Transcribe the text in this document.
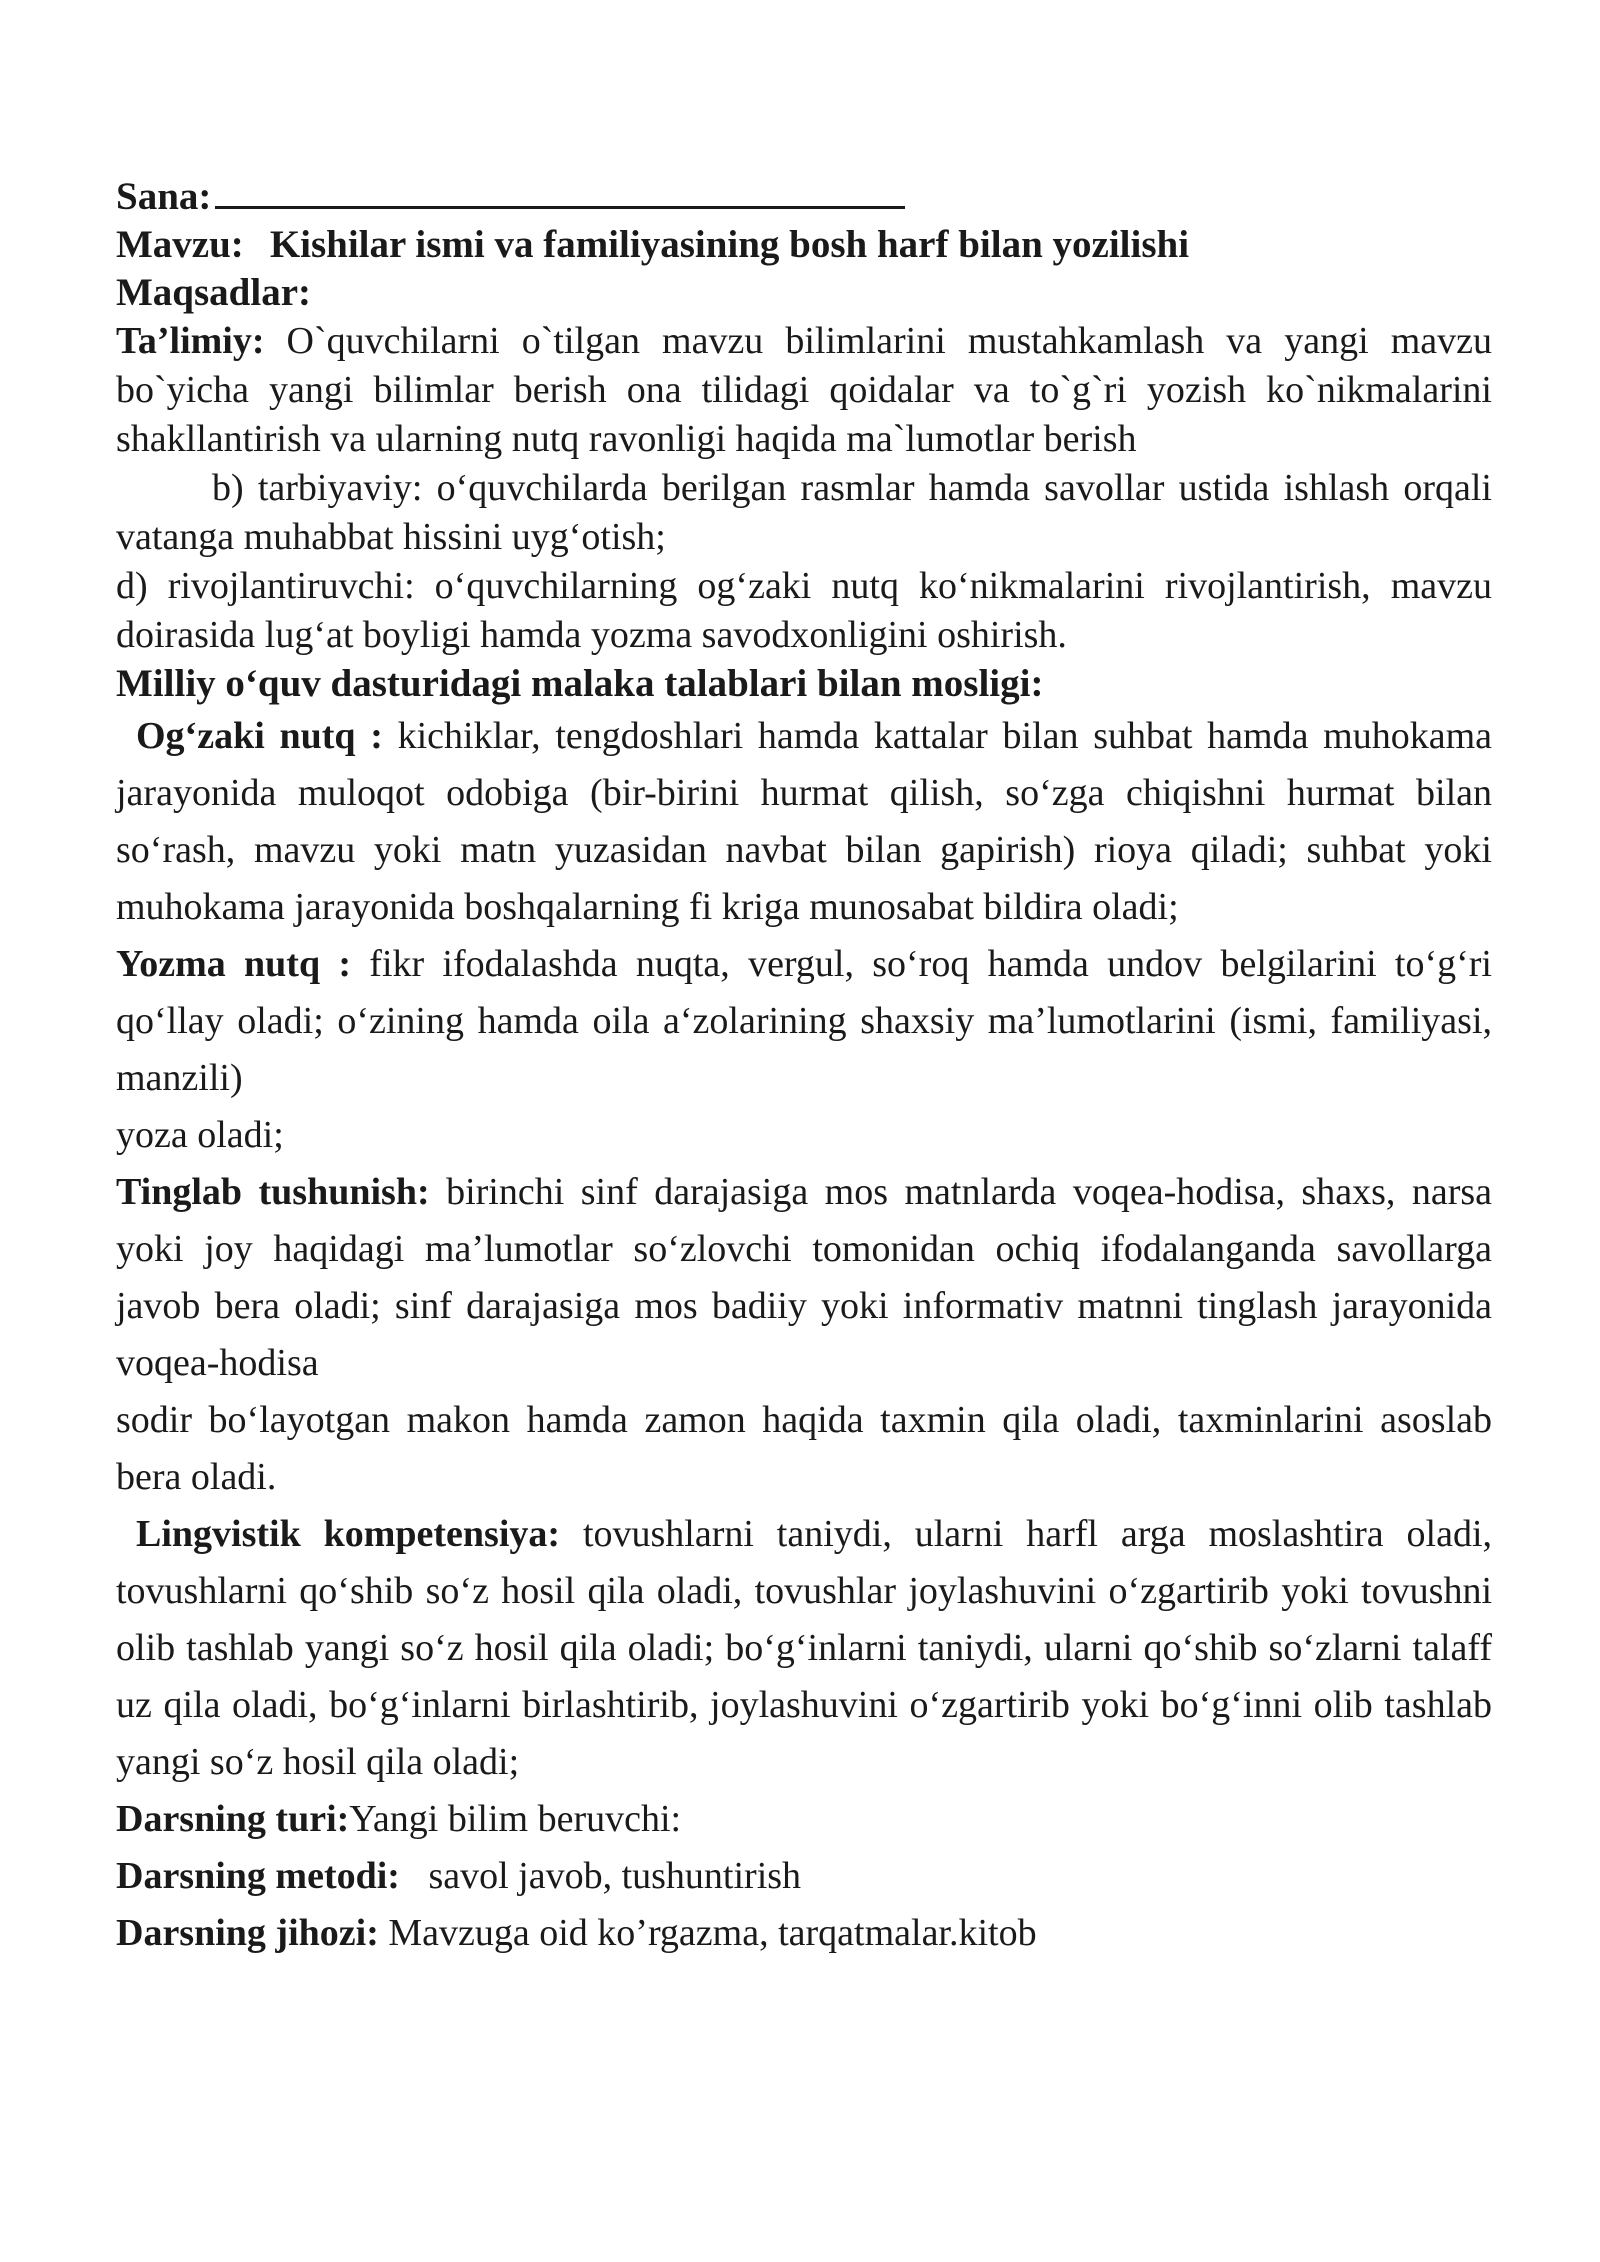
Sana:

Mavzu: Kishilar ismi va familiyasining bosh harf bilan yozilishi

Maqsadlar:

Ta’limiy: O`quvchilarni o`tilgan mavzu bilimlarini mustahkamlash va yangi mavzu bo`yicha yangi bilimlar berish ona tilidagi qoidalar va to`g`ri yozish ko`nikmalarini shakllantirish va ularning nutq ravonligi haqida ma`lumotlar berish

b) tarbiyaviy: o‘quvchilarda berilgan rasmlar hamda savollar ustida ishlash orqali vatanga muhabbat hissini uyg‘otish;

d) rivojlantiruvchi: o‘quvchilarning og‘zaki nutq ko‘nikmalarini rivojlantirish, mavzu doirasida lug‘at boyligi hamda yozma savodxonligini oshirish.

Milliy o‘quv dasturidagi malaka talablari bilan mosligi:

Og‘zaki nutq : kichiklar, tengdoshlari hamda kattalar bilan suhbat hamda muhokama jarayonida muloqot odobiga (bir-birini hurmat qilish, so‘zga chiqishni hurmat bilan so‘rash, mavzu yoki matn yuzasidan navbat bilan gapirish) rioya qiladi; suhbat yoki muhokama jarayonida boshqalarning fi kriga munosabat bildira oladi;

Yozma nutq : fikr ifodalashda nuqta, vergul, so‘roq hamda undov belgilarini to‘g‘ri qo‘llay oladi; o‘zining hamda oila a‘zolarining shaxsiy ma’lumotlarini (ismi, familiyasi, manzili)

yoza oladi;

Tinglab tushunish: birinchi sinf darajasiga mos matnlarda voqea-hodisa, shaxs, narsa yoki joy haqidagi ma’lumotlar so‘zlovchi tomonidan ochiq ifodalanganda savollarga javob bera oladi; sinf darajasiga mos badiiy yoki informativ matnni tinglash jarayonida voqea-hodisa

sodir bo‘layotgan makon hamda zamon haqida taxmin qila oladi, taxminlarini asoslab bera oladi.

Lingvistik kompetensiya: tovushlarni taniydi, ularni harfl arga moslashtira oladi, tovushlarni qo‘shib so‘z hosil qila oladi, tovushlar joylashuvini o‘zgartirib yoki tovushni olib tashlab yangi so‘z hosil qila oladi; bo‘g‘inlarni taniydi, ularni qo‘shib so‘zlarni talaff uz qila oladi, bo‘g‘inlarni birlashtirib, joylashuvini o‘zgartirib yoki bo‘g‘inni olib tashlab yangi so‘z hosil qila oladi;

Darsning turi:Yangi bilim beruvchi:

Darsning metodi:   savol javob, tushuntirish

Darsning jihozi: Mavzuga oid ko’rgazma, tarqatmalar.kitob
